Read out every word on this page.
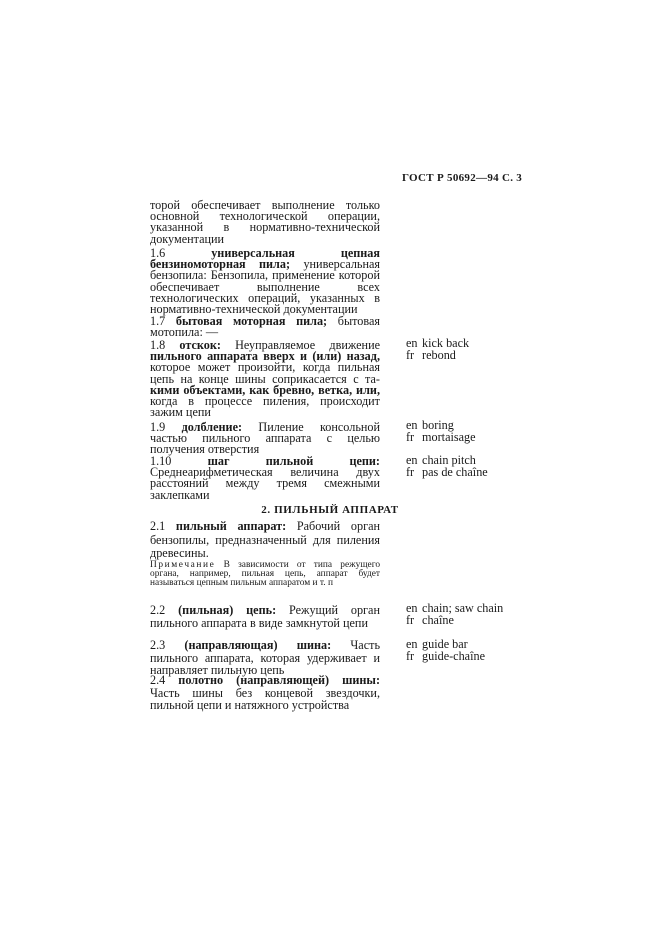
ГОСТ Р 50692—94 С. 3

торой обеспечивает выполнение только основной технологической операции, указанной в нормативно-технической документации

1.6	универсальная цепная бензиномоторная пила; универсальная бензопила: Бензопила, применение которой обеспечивает выполнение всех технологических операций, указанных в нормативно-технической документации

1.7 бытовая моторная пила; бытовая мотопила: —

1.8 отскок: Неуправляемое движение пильного аппарата вверх и (или) назад, которое может произойти, когда пильная цепь на конце шины соприкасается с та- кими объектами, как бревно, ветка, или, когда в процессе пиления, происходит зажим цепи

1.9 долбление: Пиление консольной частью пильного аппарата с целью получения отверстия

1.10	шаг пильной цепи: Среднеарифметическая величина двух расстояний между тремя смежными заклепками

2. ПИЛЬНЫЙ АППАРАТ

2.1 пильный аппарат: Рабочий орган бензопилы, предназначенный для пиления древесины.

Примечание В зависимости от типа режущего органа, например, пильная цепь, аппарат будет называться цепным пильным аппаратом и т. п

2.2 (пильная) цепь: Режущий орган пильного аппарата в виде замкнутой цепи

2.3 (направляющая) шина: Часть пильного аппарата, которая удерживает и направляет пильную цепь

2.4 полотно (направляющей) шины: Часть шины без концевой звездочки, пильной цепи и натяжного устройства

en kick back
fr rebond
en boring
fr mortaisage
en chain pitch
fr pas de chaîne
en chain; saw chain
fr chaîne
en guide bar
fr guide-chaîne
